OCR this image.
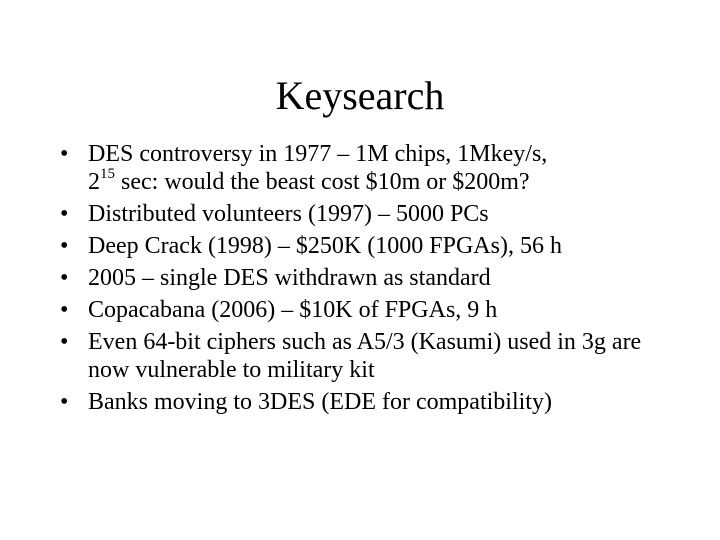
Keysearch
• DES controversy in 1977 – 1M chips, 1Mkey/s,
$2^{15}$ sec: would the beast cost $10m or $200m?
• Distributed volunteers (1997) – 5000 PCs
• Deep Crack (1998) – $250K (1000 FPGAs), 56 h
• 2005 – single DES withdrawn as standard
• Copacabana (2006) – $10K of FPGAs, 9 h
• Even 64-bit ciphers such as A5/3 (Kasumi) used in 3g are now vulnerable to military kit
• Banks moving to 3DES (EDE for compatibility)
